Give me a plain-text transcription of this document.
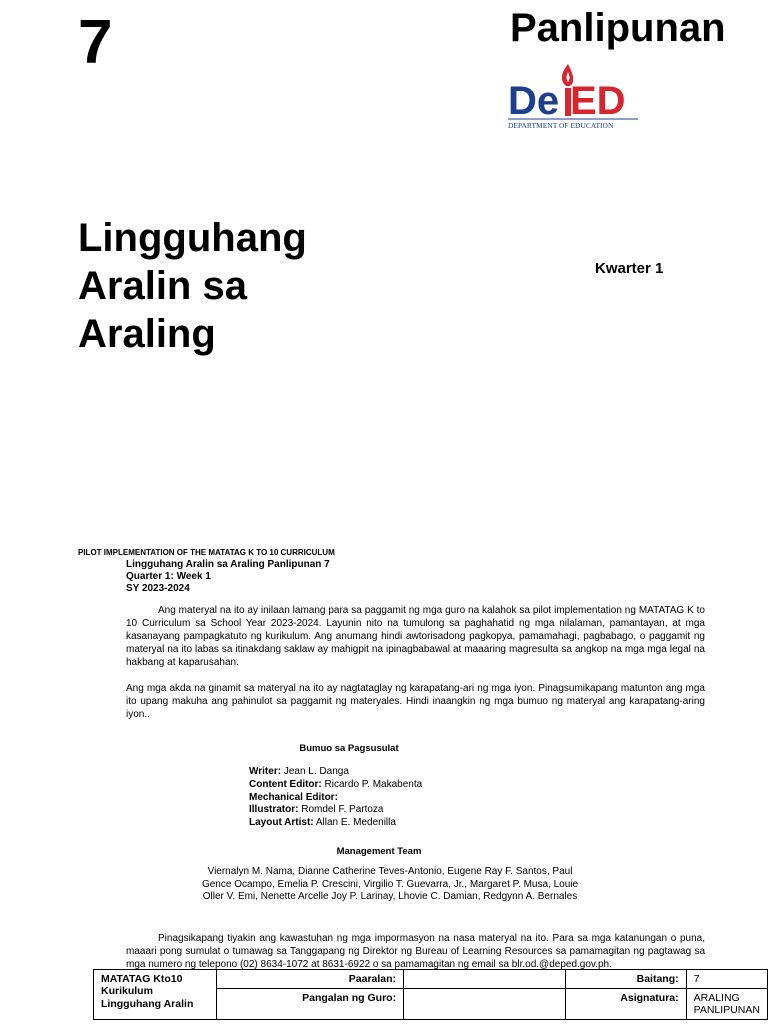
7	Panlipunan
De ED
DEPARTMENT OF EDUCATION
Lingguhang
Aralin sa
Araling
Kwarter 1
PILOT IMPLEMENTATION OF THE MATATAG K TO 10 CURRICULUM
Lingguhang Aralin sa Araling Panlipunan 7
Quarter 1: Week 1
SY 2023-2024
Ang materyal na ito ay inilaan lamang para sa paggamit ng mga guro na kalahok sa pilot implementation ng MATATAG K to 10 Curriculum sa School Year 2023-2024. Layunin nito na tumulong sa paghahatid ng mga nilalaman, pamantayan, at mga kasanayang pampagkatuto ng kurikulum. Ang anumang hindi awtorisadong pagkopya, pamamahagi, pagbabago, o paggamit ng materyal na ito labas sa itinakdang saklaw ay mahigpit na ipinagbabawal at maaaring magresulta sa angkop na mga mga legal na hakbang at kaparusahan.
Ang mga akda na ginamit sa materyal na ito ay nagtataglay ng karapatang-ari ng mga iyon. Pinagsumikapang matunton ang mga ito upang makuha ang pahinulot sa paggamit ng materyales. Hindi inaangkin ng mga bumuo ng materyal ang karapatang-aring iyon..
Bumuo sa Pagsusulat
Writer: Jean L. Danga
Content Editor: Ricardo P. Makabenta
Mechanical Editor:
Illustrator: Romdel F. Partoza
Layout Artist: Allan E. Medenilla
Management Team
Viernalyn M. Nama, Dianne Catherine Teves-Antonio, Eugene Ray F. Santos, Paul
Gence Ocampo, Emelia P. Crescini, Virgilio T. Guevarra, Jr., Margaret P. Musa, Louie
Oller V. Emi, Nenette Arcelle Joy P. Larinay, Lhovie C. Damian, Redgynn A. Bernales
Pinagsikapang tiyakin ang kawastuhan ng mga impormasyon na nasa materyal na ito. Para sa mga katanungan o puna, maaari pong sumulat o tumawag sa Tanggapang ng Direktor ng Bureau of Learning Resources sa pamamagitan ng pagtawag sa mga numero ng telepono (02) 8634-1072 at 8631-6922 o sa pamamagitan ng email sa blr.od.@deped.gov.ph.
MATATAG Kto10
Kurikulum
Lingguhang Aralin	Paaralan:		Baitang:	7
	Pangalan ng Guro:		Asignatura:	ARALING
PANLIPUNAN
